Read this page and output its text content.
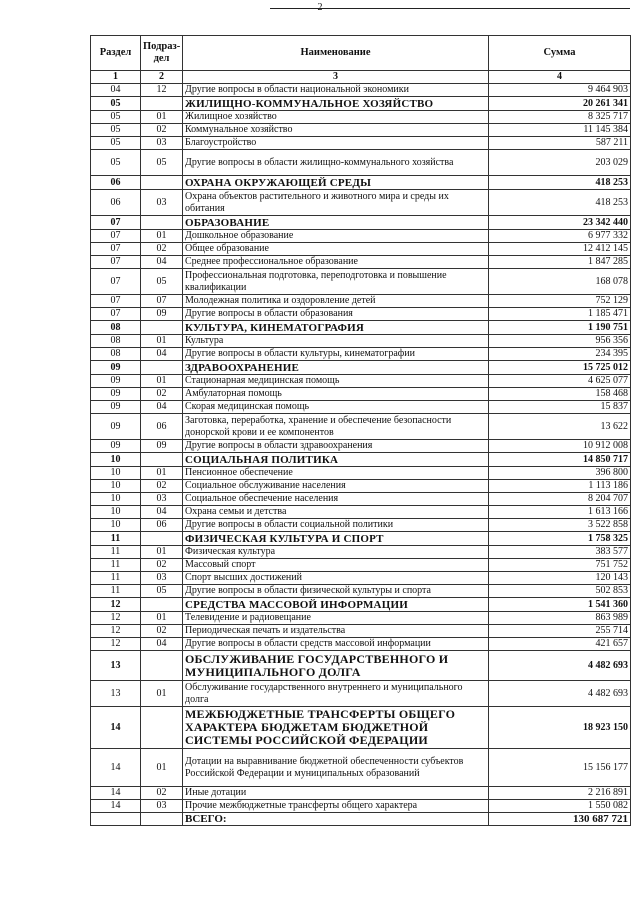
2
Раздел	Подраз-дел	Наименование	Сумма
1	2	3	4
04	12	Другие вопросы в области национальной экономики	9 464 903
05		ЖИЛИЩНО-КОММУНАЛЬНОЕ ХОЗЯЙСТВО	20 261 341
05	01	Жилищное хозяйство	8 325 717
05	02	Коммунальное хозяйство	11 145 384
05	03	Благоустройство	587 211
05	05	Другие вопросы в области жилищно-коммунального хозяйства	203 029
06		ОХРАНА ОКРУЖАЮЩЕЙ СРЕДЫ	418 253
06	03	Охрана объектов растительного и животного мира и среды их обитания	418 253
07		ОБРАЗОВАНИЕ	23 342 440
07	01	Дошкольное образование	6 977 332
07	02	Общее образование	12 412 145
07	04	Среднее профессиональное образование	1 847 285
07	05	Профессиональная подготовка, переподготовка и повышение квалификации	168 078
07	07	Молодежная политика и оздоровление детей	752 129
07	09	Другие вопросы в области образования	1 185 471
08		КУЛЬТУРА, КИНЕМАТОГРАФИЯ	1 190 751
08	01	Культура	956 356
08	04	Другие вопросы в области культуры, кинематографии	234 395
09		ЗДРАВООХРАНЕНИЕ	15 725 012
09	01	Стационарная медицинская помощь	4 625 077
09	02	Амбулаторная помощь	158 468
09	04	Скорая медицинская помощь	15 837
09	06	Заготовка, переработка, хранение и обеспечение безопасности донорской крови и ее компонентов	13 622
09	09	Другие вопросы в области здравоохранения	10 912 008
10		СОЦИАЛЬНАЯ ПОЛИТИКА	14 850 717
10	01	Пенсионное обеспечение	396 800
10	02	Социальное обслуживание населения	1 113 186
10	03	Социальное обеспечение населения	8 204 707
10	04	Охрана семьи и детства	1 613 166
10	06	Другие вопросы в области социальной политики	3 522 858
11		ФИЗИЧЕСКАЯ КУЛЬТУРА И СПОРТ	1 758 325
11	01	Физическая культура	383 577
11	02	Массовый спорт	751 752
11	03	Спорт высших достижений	120 143
11	05	Другие вопросы в области физической культуры и спорта	502 853
12		СРЕДСТВА МАССОВОЙ ИНФОРМАЦИИ	1 541 360
12	01	Телевидение и радиовещание	863 989
12	02	Периодическая печать и издательства	255 714
12	04	Другие вопросы в области средств массовой информации	421 657
13		ОБСЛУЖИВАНИЕ ГОСУДАРСТВЕННОГО И МУНИЦИПАЛЬНОГО ДОЛГА	4 482 693
13	01	Обслуживание государственного внутреннего и муниципального долга	4 482 693
14		МЕЖБЮДЖЕТНЫЕ ТРАНСФЕРТЫ ОБЩЕГО ХАРАКТЕРА БЮДЖЕТАМ БЮДЖЕТНОЙ СИСТЕМЫ РОССИЙСКОЙ ФЕДЕРАЦИИ	18 923 150
14	01	Дотации на выравнивание бюджетной обеспеченности субъектов Российской Федерации и муниципальных образований	15 156 177
14	02	Иные дотации	2 216 891
14	03	Прочие межбюджетные трансферты общего характера	1 550 082
		ВСЕГО:	130 687 721
